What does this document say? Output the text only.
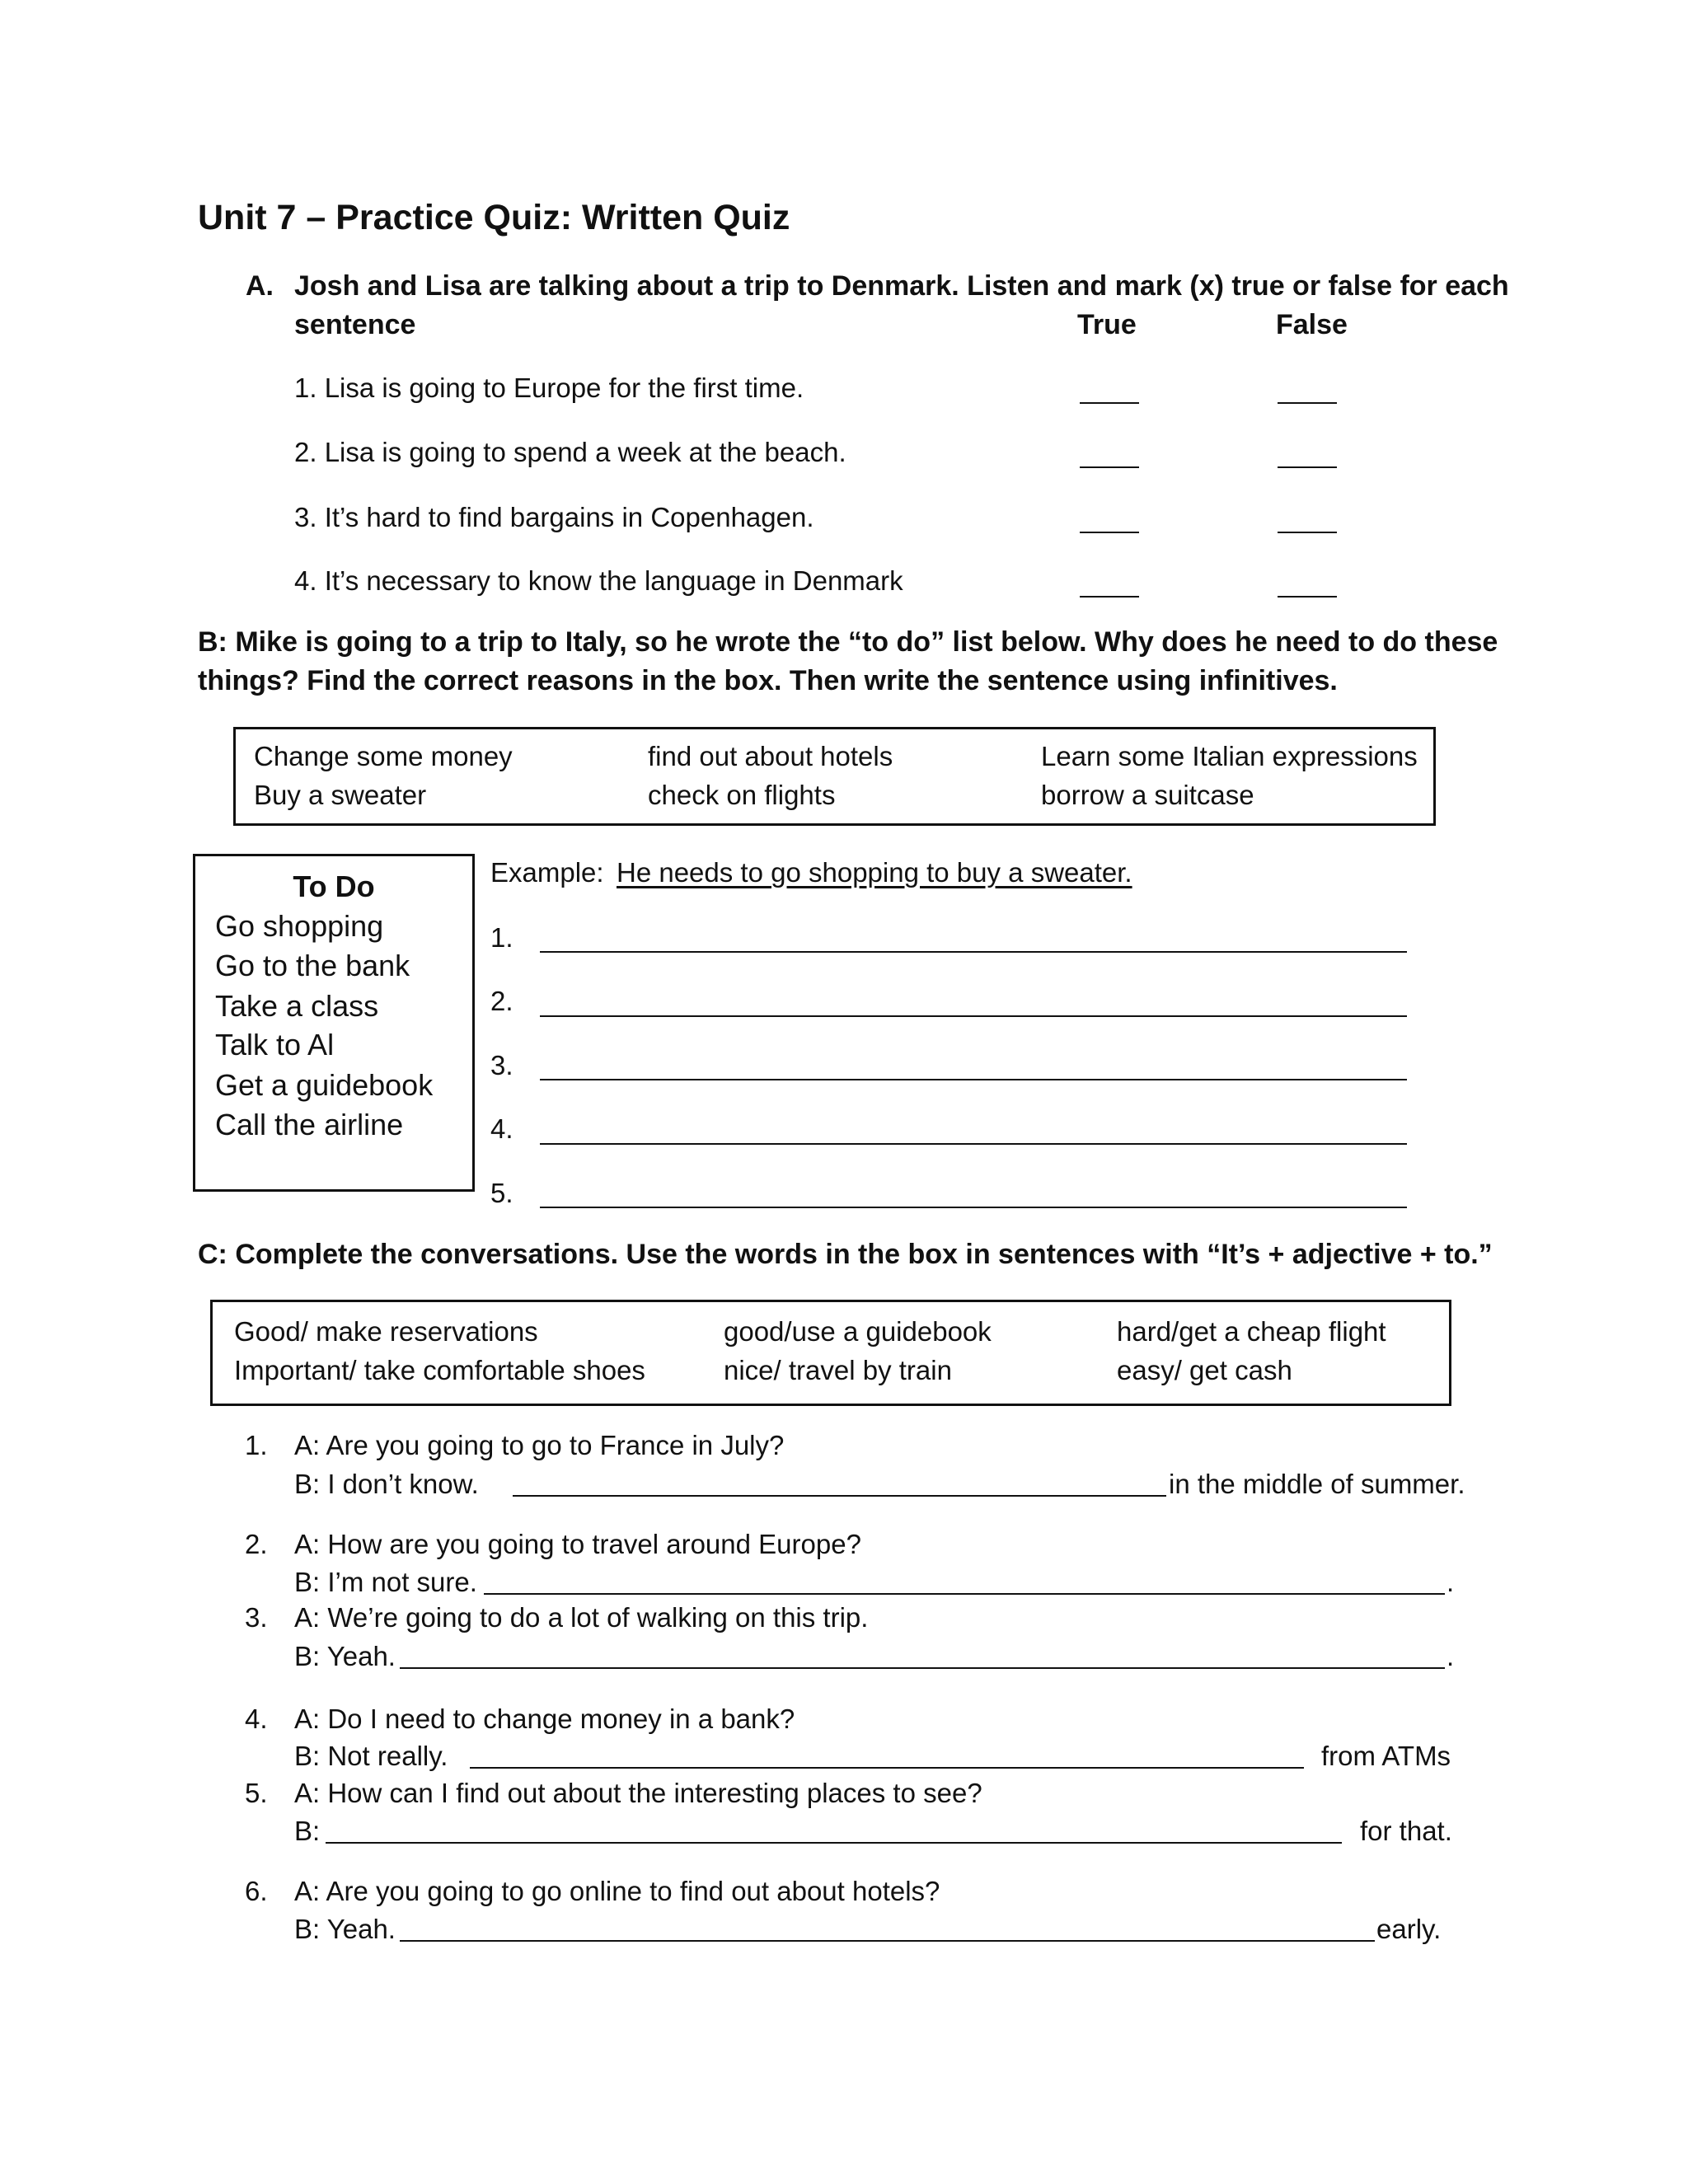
Unit 7 – Practice Quiz: Written Quiz
A. Josh and Lisa are talking about a trip to Denmark. Listen and mark (x) true or false for each
sentence	True	False
1. Lisa is going to Europe for the first time.
2. Lisa is going to spend a week at the beach.
3. It’s hard to find bargains in Copenhagen.
4. It’s necessary to know the language in Denmark
B: Mike is going to a trip to Italy, so he wrote the “to do” list below. Why does he need to do these
things? Find the correct reasons in the box. Then write the sentence using infinitives.
Change some money	find out about hotels	Learn some Italian expressions
Buy a sweater	check on flights	borrow a suitcase
To Do
Go shopping
Go to the bank
Take a class
Talk to Al
Get a guidebook
Call the airline
Example: He needs to go shopping to buy a sweater.
1.
2.
3.
4.
5.
C: Complete the conversations. Use the words in the box in sentences with “It’s + adjective + to.”
Good/ make reservations	good/use a guidebook	hard/get a cheap flight
Important/ take comfortable shoes	nice/ travel by train	easy/ get cash
1. A: Are you going to go to France in July?
B: I don’t know.	in the middle of summer.
2. A: How are you going to travel around Europe?
B: I’m not sure.	.
3. A: We’re going to do a lot of walking on this trip.
B: Yeah.	.
4. A: Do I need to change money in a bank?
B: Not really.	from ATMs
5. A: How can I find out about the interesting places to see?
B:	for that.
6. A: Are you going to go online to find out about hotels?
B: Yeah.	early.
